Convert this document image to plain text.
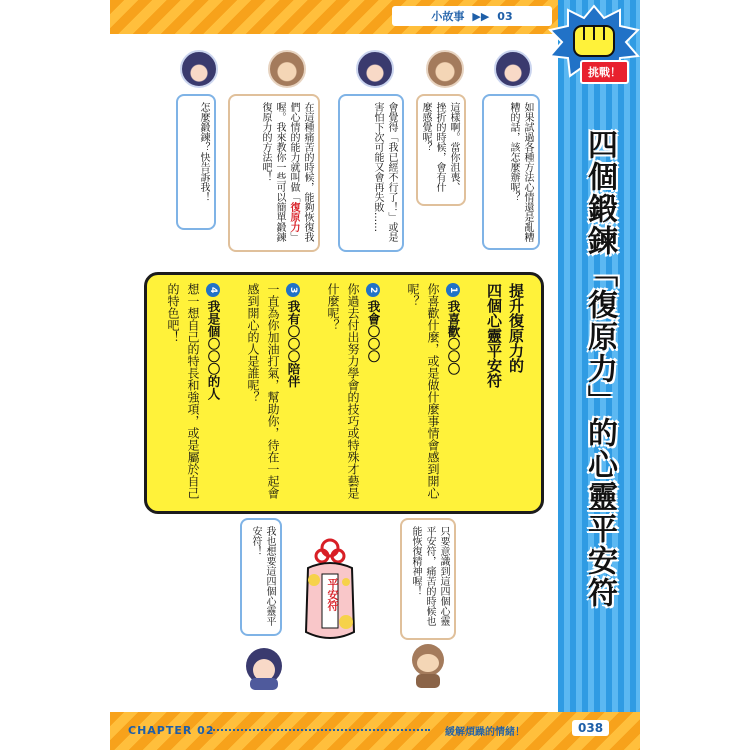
小故事 ▶▶ 03
挑戰！
四個鍛鍊「復原力」的心靈平安符
如果試過各種方法心情還是亂糟糟的話，該怎麼辦呢？
這樣啊。當你沮喪、挫折的時候，會有什麼感覺呢？
會覺得「我已經不行了！」或是害怕下次可能又會再失敗……
在這種痛苦的時候，能夠恢復我們心情的能力就叫做「復原力」喔。我來教你一些可以簡單鍛鍊復原力的方法吧！
怎麼鍛鍊？快告訴我！
提升復原力的
四個心靈平安符
1我喜歡〇〇〇
你喜歡什麼，或是做什麼事情會感到開心呢？
2我會〇〇〇
你過去付出努力學會的技巧或特殊才藝是什麼呢？
3我有〇〇〇陪伴
一直為你加油打氣，幫助你，待在一起會感到開心的人是誰呢？
4我是個〇〇〇的人
想一想自己的特長和強項，或是屬於自己的特色吧！
只要意識到這四個心靈平安符，痛苦的時候也能恢復精神喔！
我也想要這四個心靈平安符！
平安符
CHAPTER 02	緩解煩躁的情緒！	038
